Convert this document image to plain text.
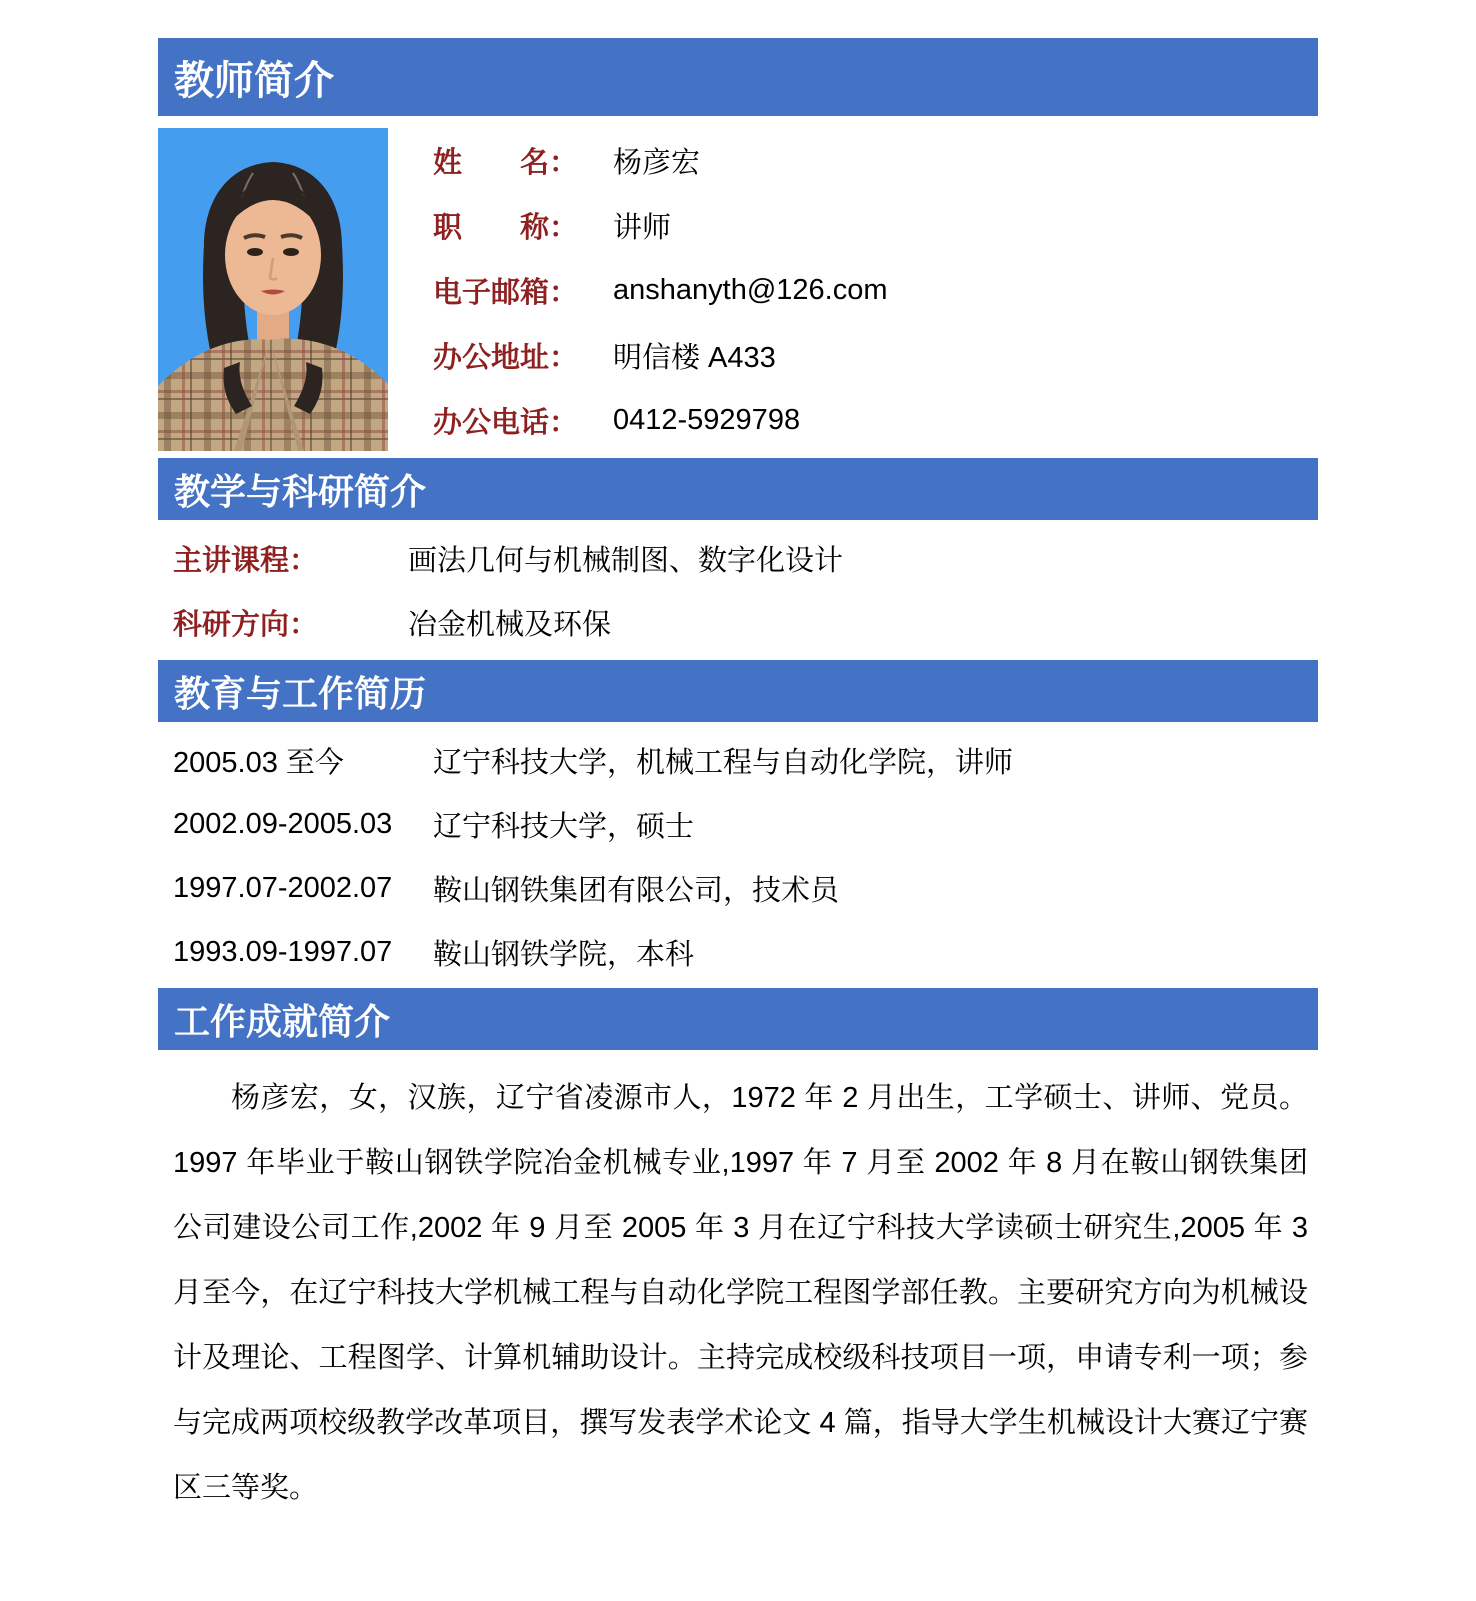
教师简介
姓　　名：	杨彦宏
职　　称：	讲师
电子邮箱：	anshanyth@126.com
办公地址：	明信楼 A433
办公电话：	0412-5929798
教学与科研简介
主讲课程：	画法几何与机械制图、数字化设计
科研方向：	冶金机械及环保
教育与工作简历
2005.03 至今	辽宁科技大学，机械工程与自动化学院，讲师
2002.09-2005.03	辽宁科技大学，硕士
1997.07-2002.07	鞍山钢铁集团有限公司，技术员
1993.09-1997.07	鞍山钢铁学院，本科
工作成就简介

杨彦宏，女，汉族，辽宁省凌源市人，1972 年 2 月出生，工学硕士、讲师、党员。1997 年毕业于鞍山钢铁学院冶金机械专业,1997 年 7 月至 2002 年 8 月在鞍山钢铁集团公司建设公司工作,2002 年 9 月至 2005 年 3 月在辽宁科技大学读硕士研究生,2005 年 3 月至今，在辽宁科技大学机械工程与自动化学院工程图学部任教。主要研究方向为机械设计及理论、工程图学、计算机辅助设计。主持完成校级科技项目一项，申请专利一项；参与完成两项校级教学改革项目，撰写发表学术论文 4 篇，指导大学生机械设计大赛辽宁赛区三等奖。
